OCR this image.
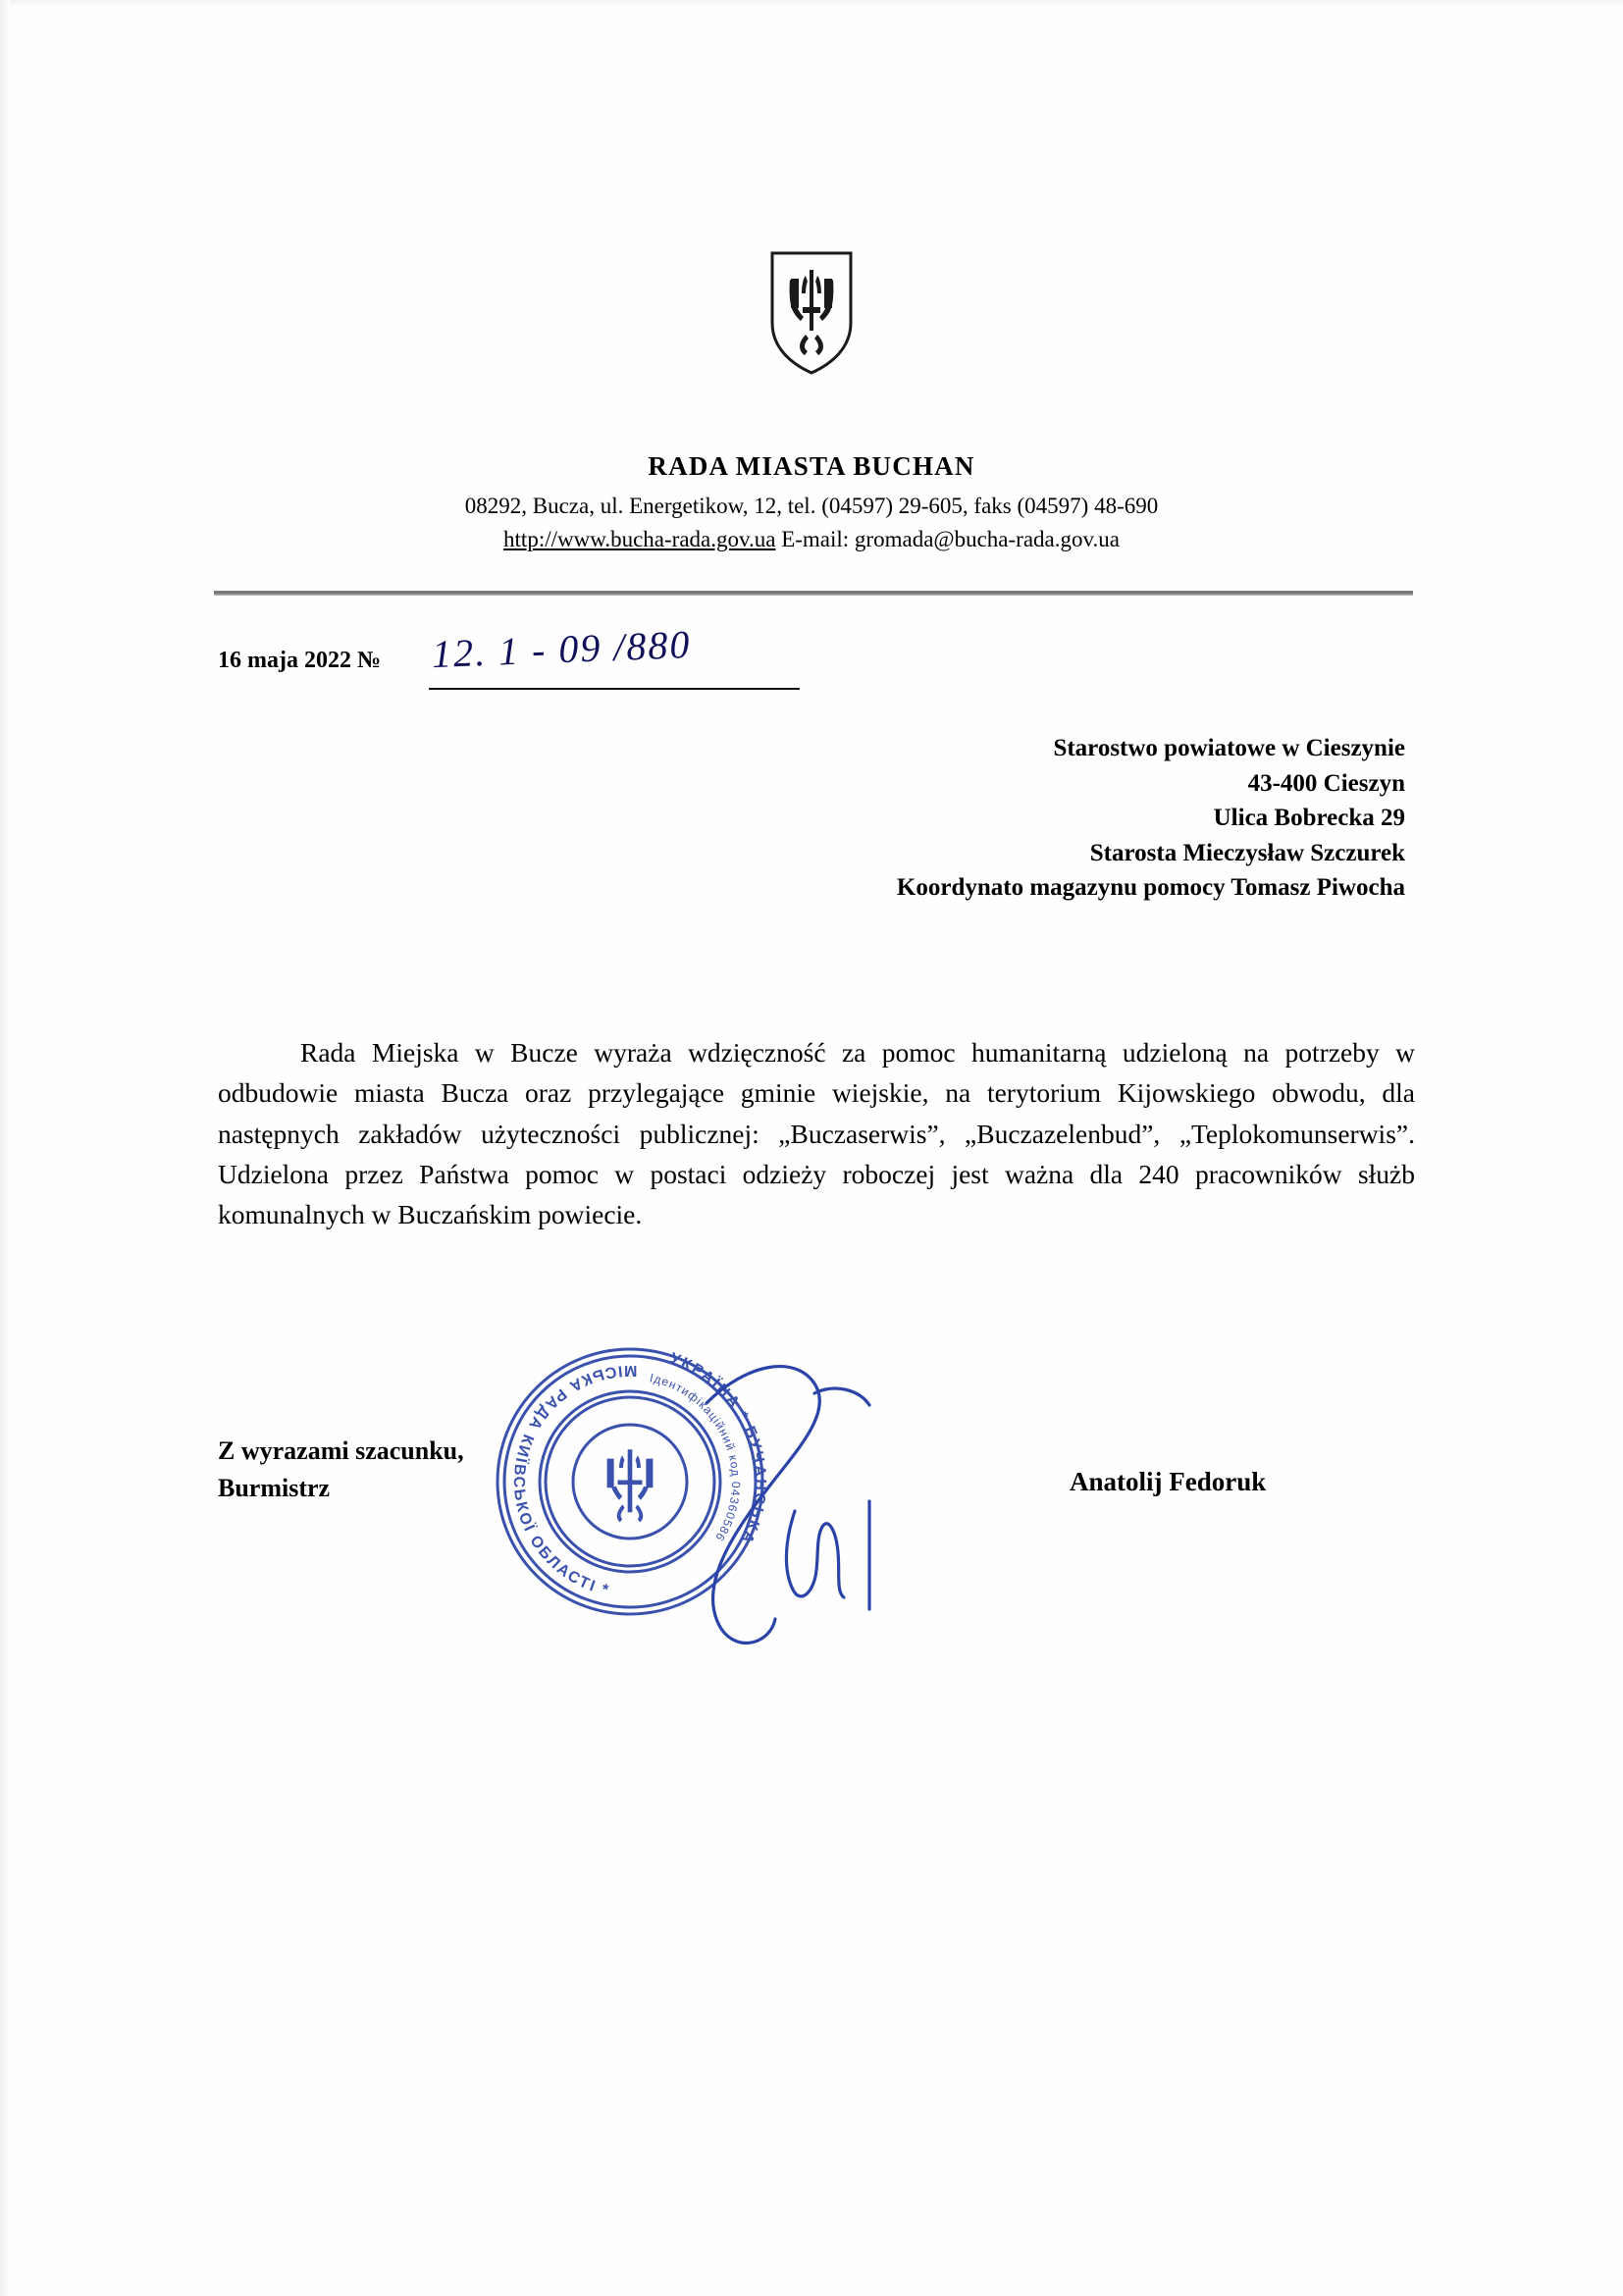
RADA MIASTA BUCHAN
08292, Bucza, ul. Energetikow, 12, tel. (04597) 29-605, faks (04597) 48-690
http://www.bucha-rada.gov.ua E-mail: gromada@bucha-rada.gov.ua
16 maja 2022 № 12. 1 - 09 /880
Starostwo powiatowe w Cieszynie
43-400 Cieszyn
Ulica Bobrecka 29
Starosta Mieczysław Szczurek
Koordynato magazynu pomocy Tomasz Piwocha
Rada Miejska w Bucze wyraża wdzięczność za pomoc humanitarną udzieloną na potrzeby w odbudowie miasta Bucza oraz przylegające gminie wiejskie, na terytorium Kijowskiego obwodu, dla następnych zakładów użyteczności publicznej: „Buczaserwis”, „Buczazelenbud”, „Teplokomunserwis”. Udzielona przez Państwa pomoc w postaci odzieży roboczej jest ważna dla 240 pracowników służb komunalnych w Buczańskim powiecie.
Z wyrazami szacunku,
Burmistrz	Anatolij Fedoruk
УКРАЇНА * БУЧАНСЬКА
МІСЬКА РАДА КИЇВСЬКОЇ ОБЛАСТІ *
Ідентифікаційний код 04360586
